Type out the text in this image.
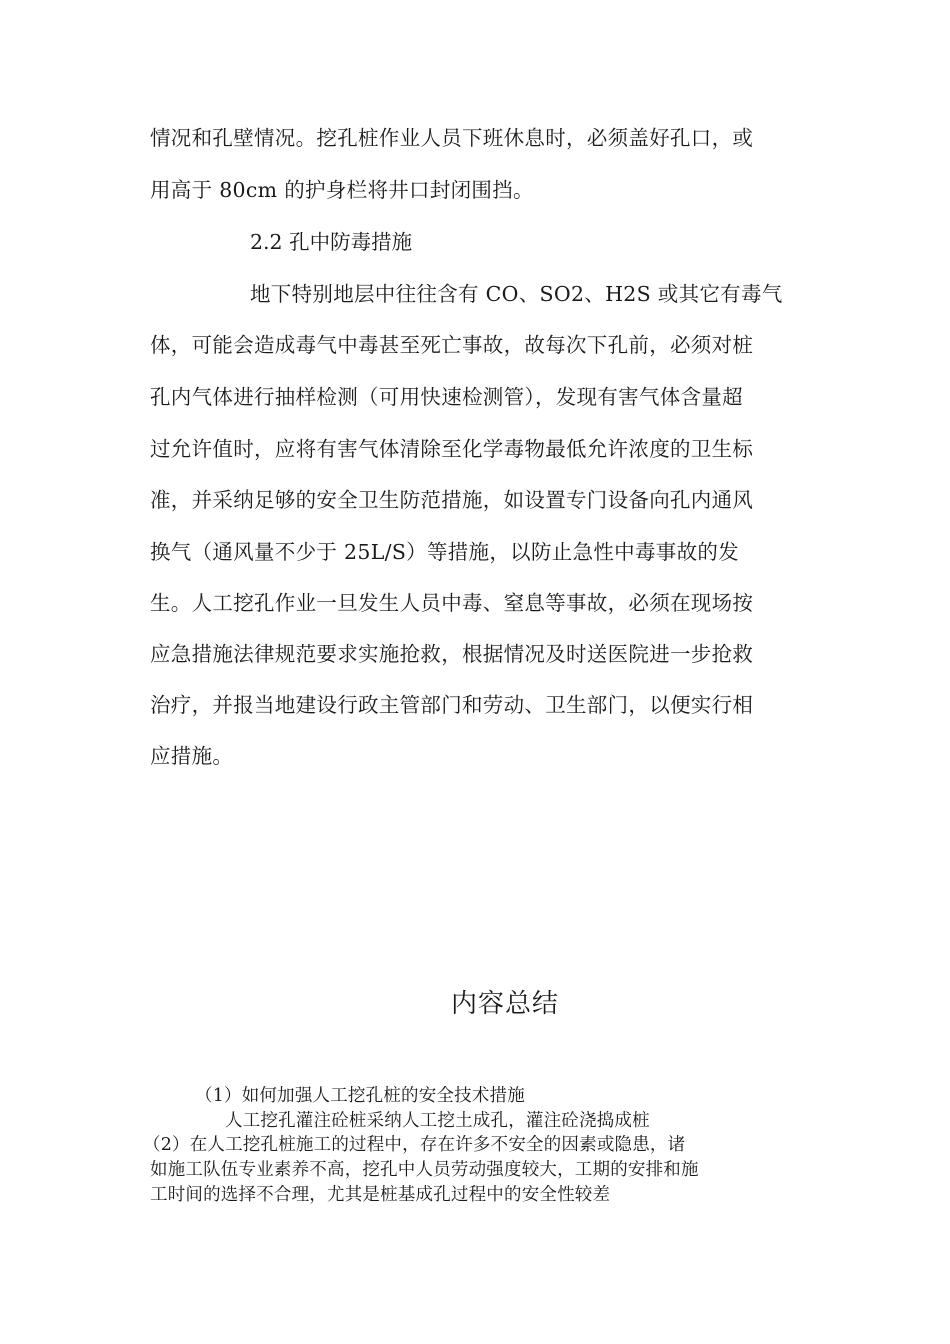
情况和孔壁情况。挖孔桩作业人员下班休息时，必须盖好孔口，或
用高于 80cm 的护身栏将井口封闭围挡。
2.2 孔中防毒措施
地下特别地层中往往含有 CO、SO2、H2S 或其它有毒气
体，可能会造成毒气中毒甚至死亡事故，故每次下孔前，必须对桩
孔内气体进行抽样检测（可用快速检测管），发现有害气体含量超
过允许值时，应将有害气体清除至化学毒物最低允许浓度的卫生标
准，并采纳足够的安全卫生防范措施，如设置专门设备向孔内通风
换气（通风量不少于 25L/S）等措施，以防止急性中毒事故的发
生。人工挖孔作业一旦发生人员中毒、窒息等事故，必须在现场按
应急措施法律规范要求实施抢救，根据情况及时送医院进一步抢救
治疗，并报当地建设行政主管部门和劳动、卫生部门，以便实行相
应措施。
内容总结
（1）如何加强人工挖孔桩的安全技术措施
人工挖孔灌注砼桩采纳人工挖土成孔，灌注砼浇捣成桩
（2）在人工挖孔桩施工的过程中，存在许多不安全的因素或隐患，诸
如施工队伍专业素养不高，挖孔中人员劳动强度较大，工期的安排和施
工时间的选择不合理，尤其是桩基成孔过程中的安全性较差
